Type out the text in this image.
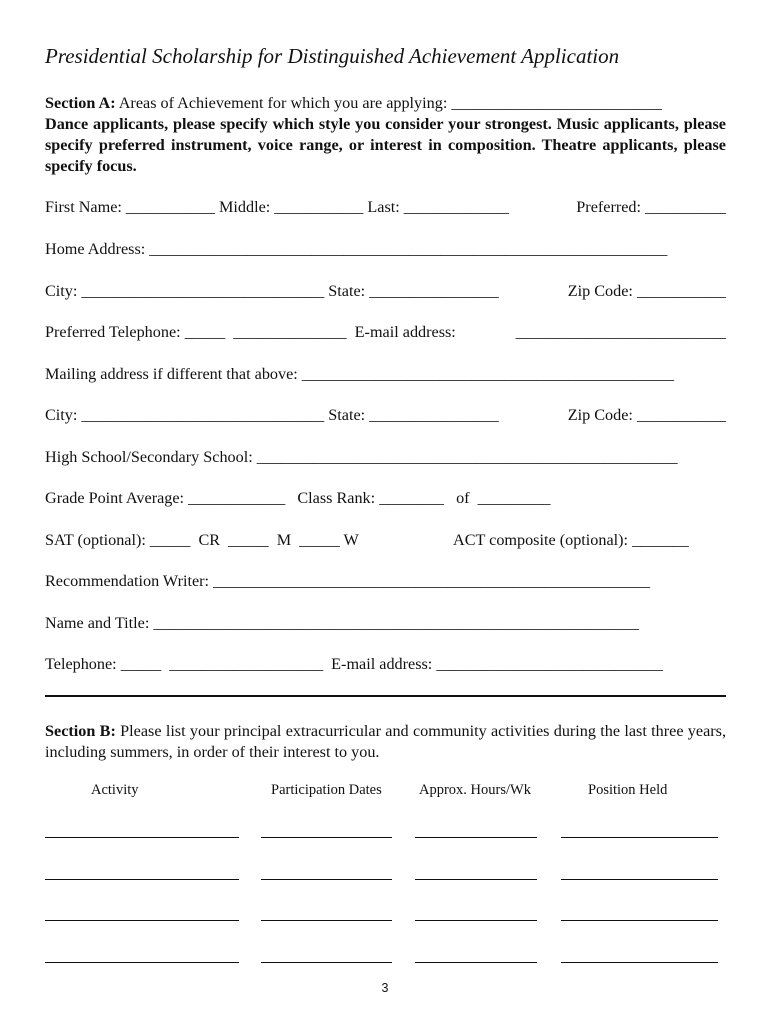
Presidential Scholarship for Distinguished Achievement Application
Section A: Areas of Achievement for which you are applying: __________________________
Dance applicants, please specify which style you consider your strongest. Music applicants, please specify preferred instrument, voice range, or interest in composition. Theatre applicants, please specify focus.
First Name: ___________ Middle: ___________ Last: _____________	Preferred: __________
Home Address: ________________________________________________________________
City: ______________________________ State: ________________	Zip Code: ___________
Preferred Telephone: _____  ______________  E-mail address:	__________________________
Mailing address if different that above: ______________________________________________
City: ______________________________ State: ________________	Zip Code: ___________
High School/Secondary School: ____________________________________________________
Grade Point Average: ____________   Class Rank: ________   of  _________
SAT (optional): _____  CR  _____  M  _____ W	ACT composite (optional): _______
Recommendation Writer: ______________________________________________________
Name and Title: ____________________________________________________________
Telephone: _____  ___________________  E-mail address: ____________________________
Section B: Please list your principal extracurricular and community activities during the last three years, including summers, in order of their interest to you.
Activity	Participation Dates	Approx. Hours/Wk	Position Held
3
